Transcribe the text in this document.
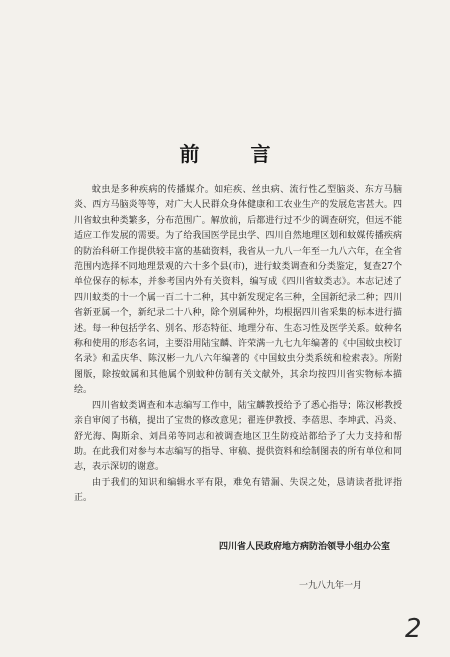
前 言

蚊虫是多种疾病的传播媒介。如疟疾、丝虫病、流行性乙型脑炎、东方马脑炎、西方马脑炎等等，对广大人民群众身体健康和工农业生产的发展危害甚大。四川省蚊虫种类繁多，分布范围广。解放前，后都进行过不少的调查研究，但远不能适应工作发展的需要。为了给我国医学昆虫学、四川自然地理区划和蚊媒传播疾病的防治科研工作提供较丰富的基础资料，我省从一九八一年至一九八六年，在全省范围内选择不同地理景观的六十多个县(市)，进行蚊类调查和分类鉴定，复查27个单位保存的标本，并参考国内外有关资料，编写成《四川省蚊类志》。本志记述了四川蚊类的十一个属一百二十二种，其中新发现定名三种，全国新纪录二种；四川省新亚属一个，新纪录二十八种，除个别属种外，均根据四川省采集的标本进行描述。每一种包括学名、别名、形态特征、地理分布、生态习性及医学关系。蚊种名称和使用的形态名词，主要沿用陆宝麟、许荣满一九七九年编著的《中国蚊虫校订名录》和孟庆华、陈汉彬一九八六年编著的《中国蚊虫分类系统和检索表》。所附图版，除按蚊属和其他属个别蚊种仿制有关文献外，其余均按四川省实物标本描绘。

四川省蚊类调查和本志编写工作中，陆宝麟教授给予了悉心指导；陈汉彬教授亲自审阅了书稿，提出了宝贵的修改意见；翟连伊教授、李蓓思、李坤武、冯炎、舒光海、陶斯余、刘昌弟等同志和被调查地区卫生防疫站都给予了大力支持和帮助。在此我们对参与本志编写的指导、审稿、提供资料和绘制图表的所有单位和同志，表示深切的谢意。

由于我们的知识和编辑水平有限，难免有错漏、失误之处，恳请读者批评指正。

四川省人民政府地方病防治领导小组办公室
一九八九年一月
2
